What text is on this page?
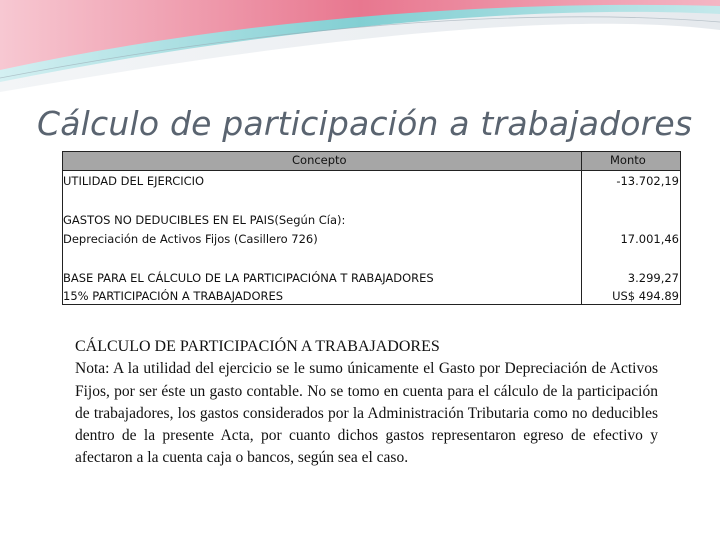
Cálculo de participación a trabajadores
Concepto	Monto
UTILIDAD DEL EJERCICIO	-13.702,19
GASTOS NO DEDUCIBLES EN EL PAIS(Según Cía):
Depreciación de Activos Fijos (Casillero 726)	17.001,46
BASE PARA EL CÁLCULO DE LA PARTICIPACIÓNA T RABAJADORES	3.299,27
15% PARTICIPACIÓN A TRABAJADORES	US$ 494.89
CÁLCULO DE PARTICIPACIÓN A TRABAJADORES
Nota: A la utilidad del ejercicio se le sumo únicamente el Gasto por Depreciación de Activos Fijos, por ser éste un gasto contable. No se tomo en cuenta para el cálculo de la participación de trabajadores, los gastos considerados por la Administración Tributaria como no deducibles dentro de la presente Acta, por cuanto dichos gastos representaron egreso de efectivo y afectaron a la cuenta caja o bancos, según sea el caso.
